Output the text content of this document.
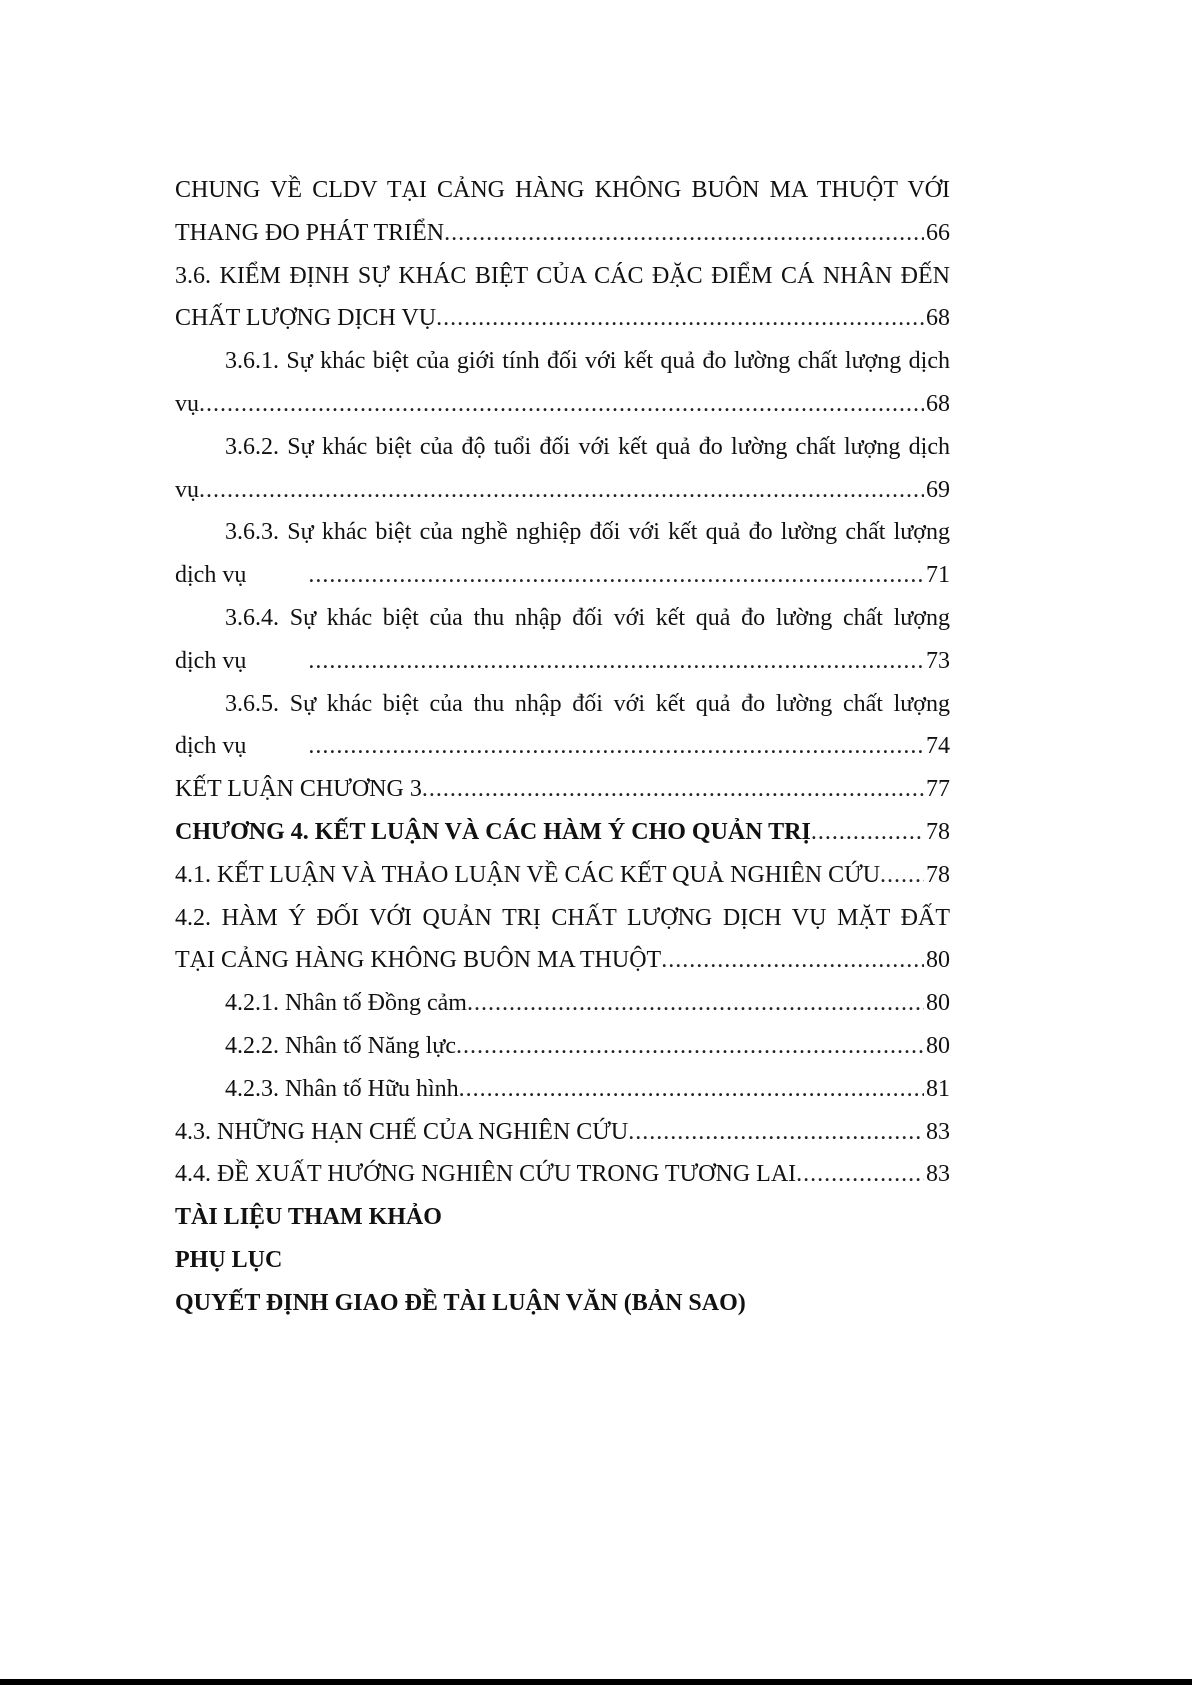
CHUNG VỀ CLDV TẠI CẢNG HÀNG KHÔNG BUÔN MA THUỘT VỚI
THANG ĐO PHÁT TRIỂN .....	66
3.6. KIỂM ĐỊNH SỰ KHÁC BIỆT CỦA CÁC ĐẶC ĐIỂM CÁ NHÂN ĐẾN
CHẤT LƯỢNG DỊCH VỤ .....	68
3.6.1. Sự khác biệt của giới tính đối với kết quả đo lường chất lượng dịch
vụ .....	68
3.6.2. Sự khác biệt của độ tuổi đối với kết quả đo lường chất lượng dịch
vụ .....	69
3.6.3. Sự khác biệt của nghề nghiệp đối với kết quả đo lường chất lượng
dịch vụ .....	71
3.6.4. Sự khác biệt của thu nhập đối với kết quả đo lường chất lượng
dịch vụ .....	73
3.6.5. Sự khác biệt của thu nhập đối với kết quả đo lường chất lượng
dịch vụ .....	74
KẾT LUẬN CHƯƠNG 3 .....	77
CHƯƠNG 4. KẾT LUẬN VÀ CÁC HÀM Ý CHO QUẢN TRỊ .....	78
4.1. KẾT LUẬN VÀ THẢO LUẬN VỀ CÁC KẾT QUẢ NGHIÊN CỨU ..... 78
4.2. HÀM Ý ĐỐI VỚI QUẢN TRỊ CHẤT LƯỢNG DỊCH VỤ MẶT ĐẤT
TẠI CẢNG HÀNG KHÔNG BUÔN MA THUỘT .....	80
4.2.1. Nhân tố Đồng cảm .....	80
4.2.2. Nhân tố Năng lực .....	80
4.2.3. Nhân tố Hữu hình .....	81
4.3. NHỮNG HẠN CHẾ CỦA NGHIÊN CỨU .....	83
4.4. ĐỀ XUẤT HƯỚNG NGHIÊN CỨU TRONG TƯƠNG LAI .....	83
TÀI LIỆU THAM KHẢO
PHỤ LỤC
QUYẾT ĐỊNH GIAO ĐỀ TÀI LUẬN VĂN (BẢN SAO)
